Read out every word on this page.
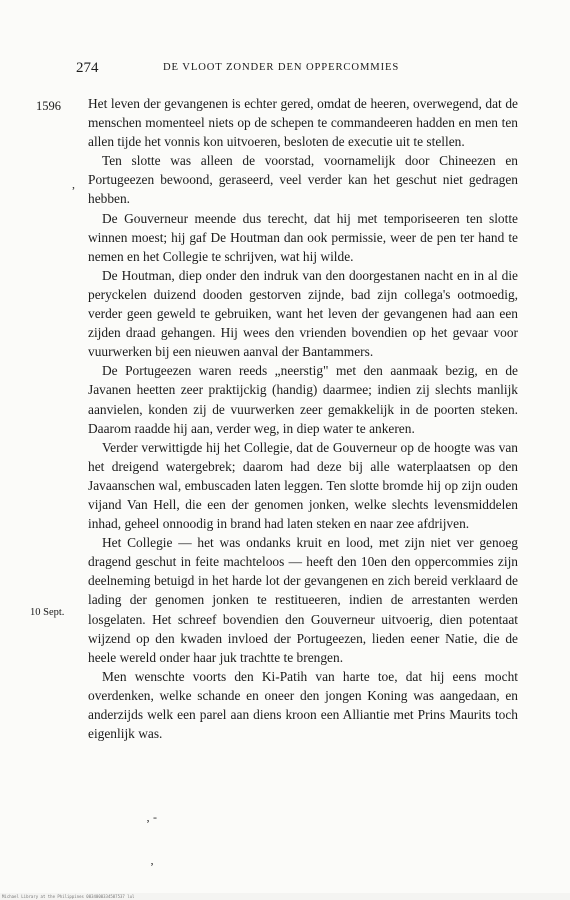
274	DE VLOOT ZONDER DEN OPPERCOMMIES
1596
10 Sept.

Het leven der gevangenen is echter gered, omdat de heeren, overwegend, dat de menschen momenteel niets op de schepen te commandeeren hadden en men ten allen tijde het vonnis kon uitvoeren, besloten de executie uit te stellen.

Ten slotte was alleen de voorstad, voornamelijk door Chineezen en Portugeezen bewoond, geraseerd, veel verder kan het geschut niet gedragen hebben.

De Gouverneur meende dus terecht, dat hij met temporiseeren ten slotte winnen moest; hij gaf De Houtman dan ook permissie, weer de pen ter hand te nemen en het Collegie te schrijven, wat hij wilde.

De Houtman, diep onder den indruk van den doorgestanen nacht en in al die peryckelen duizend dooden gestorven zijnde, bad zijn collega's ootmoedig, verder geen geweld te gebruiken, want het leven der gevangenen had aan een zijden draad gehangen. Hij wees den vrienden bovendien op het gevaar voor vuurwerken bij een nieuwen aanval der Bantammers.

De Portugeezen waren reeds „neerstig" met den aanmaak bezig, en de Javanen heetten zeer praktijckig (handig) daarmee; indien zij slechts manlijk aanvielen, konden zij de vuurwerken zeer gemakkelijk in de poorten steken. Daarom raadde hij aan, verder weg, in diep water te ankeren.

Verder verwittigde hij het Collegie, dat de Gouverneur op de hoogte was van het dreigend watergebrek; daarom had deze bij alle waterplaatsen op den Javaanschen wal, embuscaden laten leggen. Ten slotte bromde hij op zijn ouden vijand Van Hell, die een der genomen jonken, welke slechts levensmiddelen inhad, geheel onnoodig in brand had laten steken en naar zee afdrijven.

Het Collegie — het was ondanks kruit en lood, met zijn niet ver genoeg dragend geschut in feite machteloos — heeft den 10en den oppercommies zijn deelneming betuigd in het harde lot der gevangenen en zich bereid verklaard de lading der genomen jonken te restitueeren, indien de arrestanten werden losgelaten. Het schreef bovendien den Gouverneur uitvoerig, dien potentaat wijzend op den kwaden invloed der Portugeezen, lieden eener Natie, die de heele wereld onder haar juk trachtte te brengen.

Men wenschte voorts den Ki-Patih van harte toe, dat hij eens mocht overdenken, welke schande en oneer den jongen Koning was aangedaan, en anderzijds welk een parel aan diens kroon een Alliantie met Prins Maurits toch eigenlijk was.

,
‚ ‐
‚
Michael Library at the Philippines 0034000334507537 lul
